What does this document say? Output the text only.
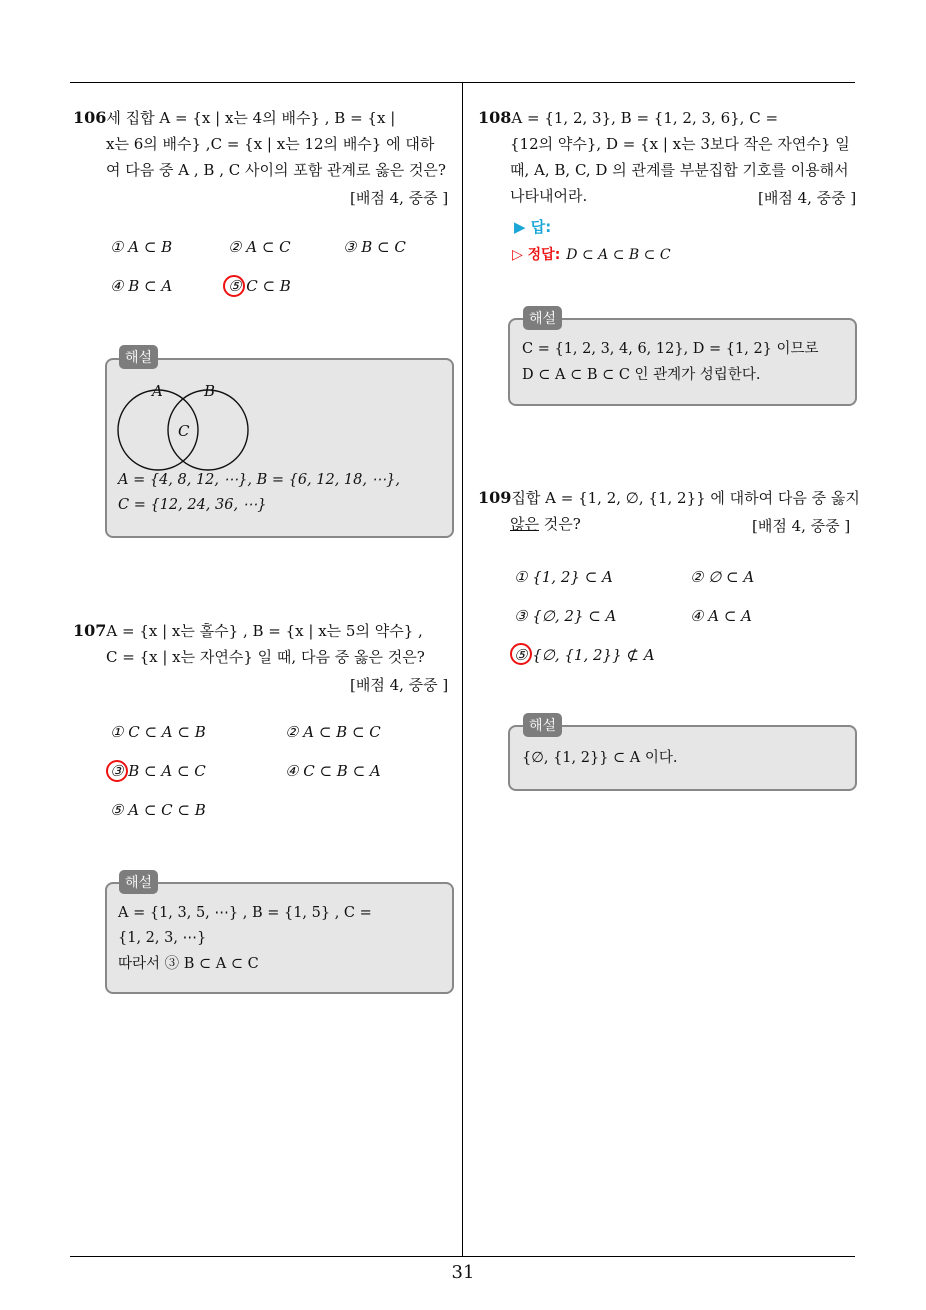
106세 집합 A = {x | x는 4의 배수} , B = {x |
x는 6의 배수} ,C = {x | x는 12의 배수} 에 대하
여 다음 중 A , B , C 사이의 포함 관계로 옳은 것은?
[배점 4, 중중 ]
① A ⊂ B	② A ⊂ C	③ B ⊂ C
④ B ⊂ A	⑤ C ⊂ B
해설
A	B
C
A = {4, 8, 12, ⋯}, B = {6, 12, 18, ⋯},
C = {12, 24, 36, ⋯}
107A = {x | x는 홀수} , B = {x | x는 5의 약수} ,
C = {x | x는 자연수} 일 때, 다음 중 옳은 것은?
[배점 4, 중중 ]
① C ⊂ A ⊂ B	② A ⊂ B ⊂ C
③ B ⊂ A ⊂ C	④ C ⊂ B ⊂ A
⑤ A ⊂ C ⊂ B
해설
A = {1, 3, 5, ⋯} , B = {1, 5} , C =
{1, 2, 3, ⋯}
따라서 ③ B ⊂ A ⊂ C
108A = {1, 2, 3}, B = {1, 2, 3, 6}, C =
{12의 약수}, D = {x | x는 3보다 작은 자연수} 일
때, A, B, C, D 의 관계를 부분집합 기호를 이용해서
나타내어라.	[배점 4, 중중 ]
▶ 답:
▷ 정답: D ⊂ A ⊂ B ⊂ C
해설
C = {1, 2, 3, 4, 6, 12}, D = {1, 2} 이므로
D ⊂ A ⊂ B ⊂ C 인 관계가 성립한다.
109집합 A = {1, 2, ∅, {1, 2}} 에 대하여 다음 중 옳지
않은 것은?	[배점 4, 중중 ]
① {1, 2} ⊂ A	② ∅ ⊂ A
③ {∅, 2} ⊂ A	④ A ⊂ A
⑤ {∅, {1, 2}} ⊄ A
해설
{∅, {1, 2}} ⊂ A 이다.
31
